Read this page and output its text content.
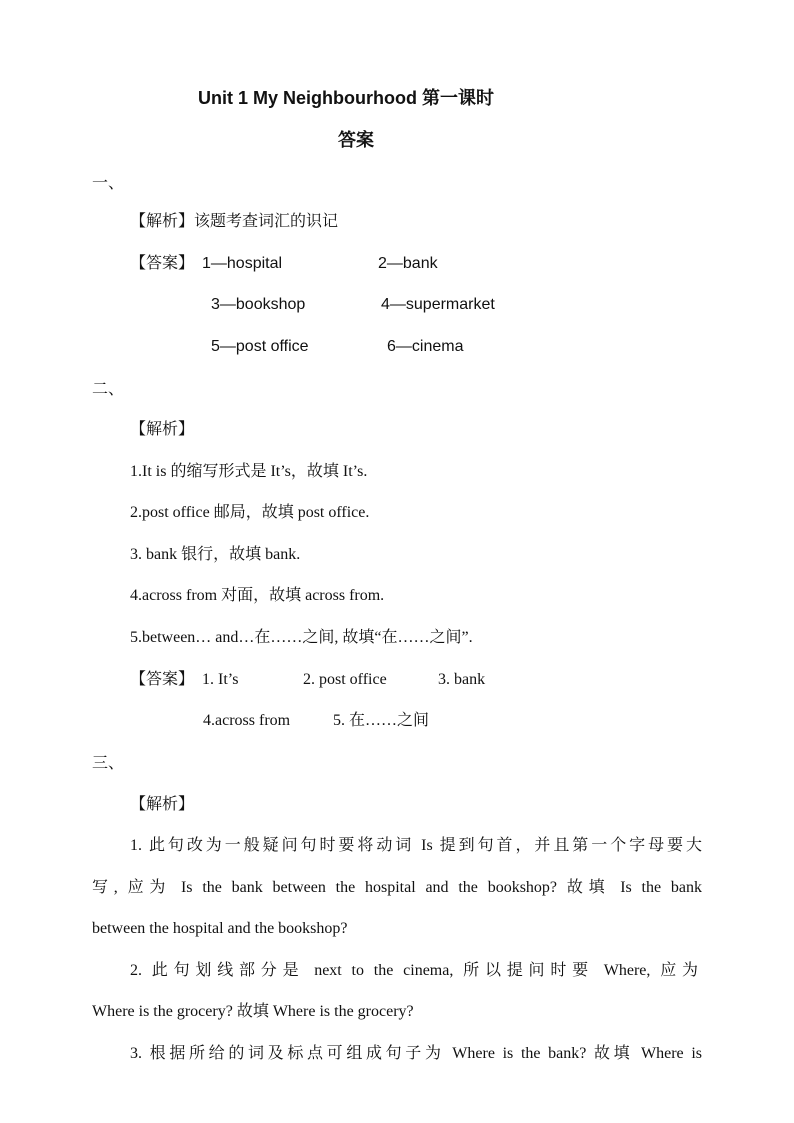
Unit 1 My Neighbourhood 第一课时
答案
一、
【解析】该题考查词汇的识记
【答案】 1—hospital	2—bank
3—bookshop	4—supermarket
5—post office	6—cinema
二、
【解析】
1.It is 的缩写形式是 It’s，故填 It’s.
2.post office 邮局，故填 post office.
3. bank 银行，故填 bank.
4.across from 对面，故填 across from.
5.between… and…在……之间, 故填“在……之间”.
【答案】 1. It’s	2. post office	3. bank
4.across from	5. 在……之间
三、
【解析】
1. 此句改为一般疑问句时要将动词 Is 提到句首，并且第一个字母要大
写, 应为 Is the bank between the hospital and the bookshop? 故填 Is the bank
between the hospital and the bookshop?
2. 此句划线部分是 next to the cinema, 所以提问时要 Where, 应为
Where is the grocery? 故填 Where is the grocery?
3. 根据所给的词及标点可组成句子为 Where is the bank? 故填 Where is
